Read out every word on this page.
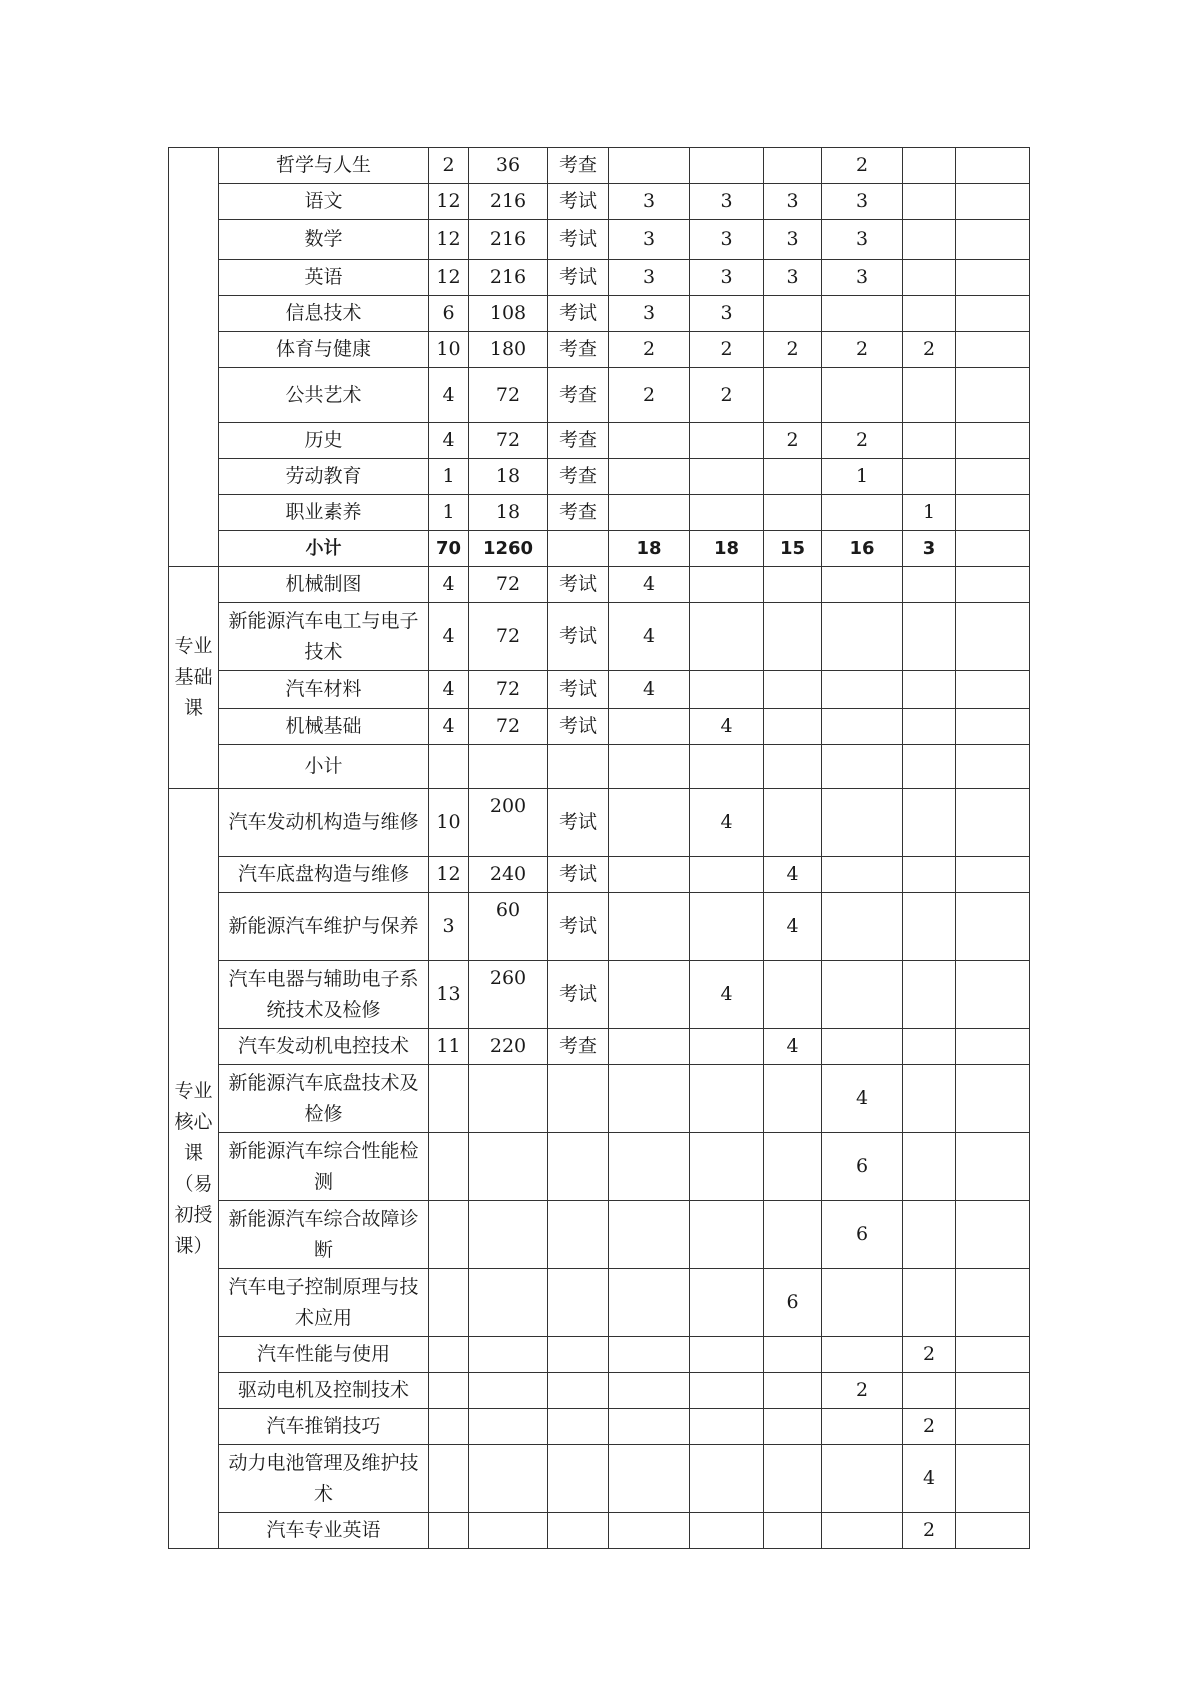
	哲学与人生	2	36	考查				2		
	语文	12	216	考试	3	3	3	3		
	数学	12	216	考试	3	3	3	3		
	英语	12	216	考试	3	3	3	3		
	信息技术	6	108	考试	3	3				
	体育与健康	10	180	考查	2	2	2	2	2	
	公共艺术	4	72	考查	2	2				
	历史	4	72	考查			2	2		
	劳动教育	1	18	考查				1		
	职业素养	1	18	考查					1	
	小计	70	1260		18	18	15	16	3	
专业基础课	机械制图	4	72	考试	4					
	新能源汽车电工与电子技术	4	72	考试	4					
	汽车材料	4	72	考试	4					
	机械基础	4	72	考试		4				
	小计									
专业核心课（易初授课）	汽车发动机构造与维修	10	200	考试		4				
	汽车底盘构造与维修	12	240	考试			4			
	新能源汽车维护与保养	3	60	考试			4			
	汽车电器与辅助电子系统技术及检修	13	260	考试		4				
	汽车发动机电控技术	11	220	考查			4			
	新能源汽车底盘技术及检修							4		
	新能源汽车综合性能检测							6		
	新能源汽车综合故障诊断							6		
	汽车电子控制原理与技术应用						6			
	汽车性能与使用								2	
	驱动电机及控制技术							2		
	汽车推销技巧								2	
	动力电池管理及维护技术								4	
	汽车专业英语								2	
